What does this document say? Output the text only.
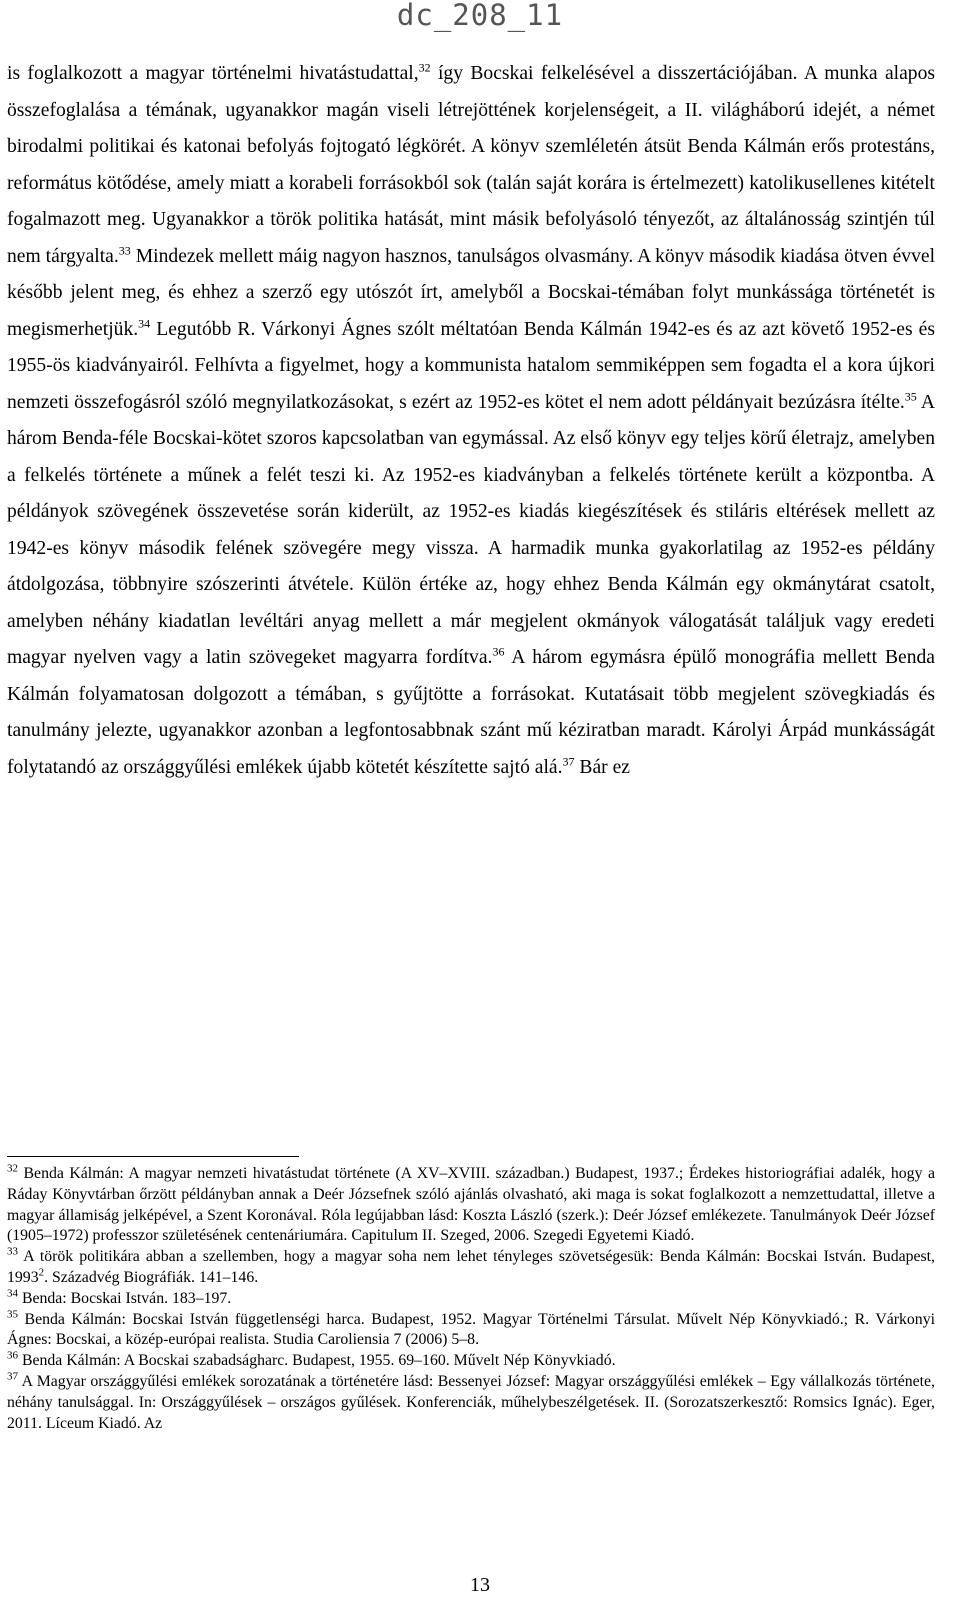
dc_208_11

is foglalkozott a magyar történelmi hivatástudattal,$^{32}$ így Bocskai felkelésével a disszertációjában. A munka alapos összefoglalása a témának, ugyanakkor magán viseli létrejöttének korjelenségeit, a II. világháború idejét, a német birodalmi politikai és katonai befolyás fojtogató légkörét. A könyv szemléletén átsüt Benda Kálmán erős protestáns, református kötődése, amely miatt a korabeli forrásokból sok (talán saját korára is értelmezett) katolikusellenes kitételt fogalmazott meg. Ugyanakkor a török politika hatását, mint másik befolyásoló tényezőt, az általánosság szintjén túl nem tárgyalta.$^{33}$ Mindezek mellett máig nagyon hasznos, tanulságos olvasmány. A könyv második kiadása ötven évvel később jelent meg, és ehhez a szerző egy utószót írt, amelyből a Bocskai-témában folyt munkássága történetét is megismerhetjük.$^{34}$ Legutóbb R. Várkonyi Ágnes szólt méltatóan Benda Kálmán 1942-es és az azt követő 1952-es és 1955-ös kiadványairól. Felhívta a figyelmet, hogy a kommunista hatalom semmiképpen sem fogadta el a kora újkori nemzeti összefogásról szóló megnyilatkozásokat, s ezért az 1952-es kötet el nem adott példányait bezúzásra ítélte.$^{35}$ A három Benda-féle Bocskai-kötet szoros kapcsolatban van egymással. Az első könyv egy teljes körű életrajz, amelyben a felkelés története a műnek a felét teszi ki. Az 1952-es kiadványban a felkelés története került a központba. A példányok szövegének összevetése során kiderült, az 1952-es kiadás kiegészítések és stiláris eltérések mellett az 1942-es könyv második felének szövegére megy vissza. A harmadik munka gyakorlatilag az 1952-es példány átdolgozása, többnyire szószerinti átvétele. Külön értéke az, hogy ehhez Benda Kálmán egy okmánytárat csatolt, amelyben néhány kiadatlan levéltári anyag mellett a már megjelent okmányok válogatását találjuk vagy eredeti magyar nyelven vagy a latin szövegeket magyarra fordítva.$^{36}$ A három egymásra épülő monográfia mellett Benda Kálmán folyamatosan dolgozott a témában, s gyűjtötte a forrásokat. Kutatásait több megjelent szövegkiadás és tanulmány jelezte, ugyanakkor azonban a legfontosabbnak szánt mű kéziratban maradt. Károlyi Árpád munkásságát folytatandó az országgyűlési emlékek újabb kötetét készítette sajtó alá.$^{37}$ Bár ez

$^{32}$ Benda Kálmán: A magyar nemzeti hivatástudat története (A XV–XVIII. században.) Budapest, 1937.; Érdekes historiográfiai adalék, hogy a Ráday Könyvtárban őrzött példányban annak a Deér Józsefnek szóló ajánlás olvasható, aki maga is sokat foglalkozott a nemzettudattal, illetve a magyar államiság jelképével, a Szent Koronával. Róla legújabban lásd: Koszta László (szerk.): Deér József emlékezete. Tanulmányok Deér József (1905–1972) professzor születésének centenáriumára. Capitulum II. Szeged, 2006. Szegedi Egyetemi Kiadó.

$^{33}$ A török politikára abban a szellemben, hogy a magyar soha nem lehet tényleges szövetségesük: Benda Kálmán: Bocskai István. Budapest, 1993$^2$. Századvég Biográfiák. 141–146.

$^{34}$ Benda: Bocskai István. 183–197.

$^{35}$ Benda Kálmán: Bocskai István függetlenségi harca. Budapest, 1952. Magyar Történelmi Társulat. Művelt Nép Könyvkiadó.; R. Várkonyi Ágnes: Bocskai, a közép-európai realista. Studia Caroliensia 7 (2006) 5–8.

$^{36}$ Benda Kálmán: A Bocskai szabadságharc. Budapest, 1955. 69–160. Művelt Nép Könyvkiadó.

$^{37}$ A Magyar országgyűlési emlékek sorozatának a történetére lásd: Bessenyei József: Magyar országgyűlési emlékek – Egy vállalkozás története, néhány tanulsággal. In: Országgyűlések – országos gyűlések. Konferenciák, műhelybeszélgetések. II. (Sorozatszerkesztő: Romsics Ignác). Eger, 2011. Líceum Kiadó. Az

13
